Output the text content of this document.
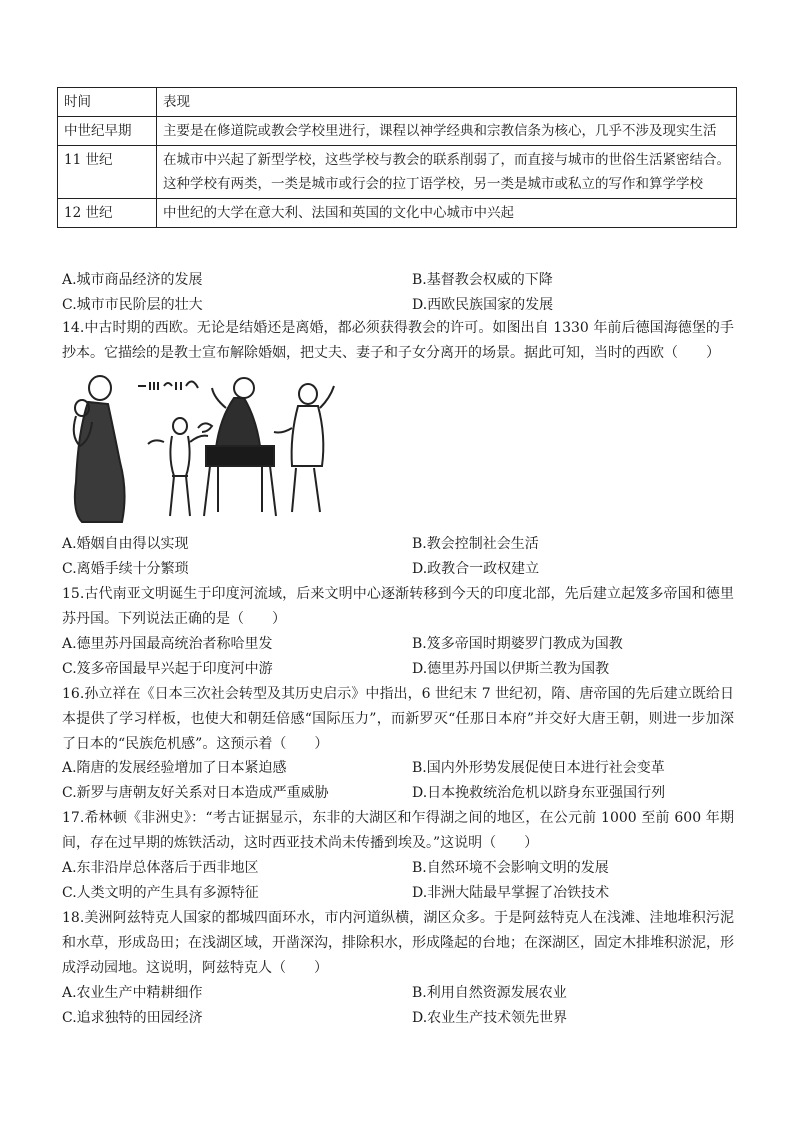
时间	表现
中世纪早期	主要是在修道院或教会学校里进行，课程以神学经典和宗教信条为核心，几乎不涉及现实生活
11 世纪	在城市中兴起了新型学校，这些学校与教会的联系削弱了，而直接与城市的世俗生活紧密结合。这种学校有两类，一类是城市或行会的拉丁语学校，另一类是城市或私立的写作和算学学校
12 世纪	中世纪的大学在意大利、法国和英国的文化中心城市中兴起
A.城市商品经济的发展	B.基督教会权威的下降
C.城市市民阶层的壮大	D.西欧民族国家的发展
14.中古时期的西欧。无论是结婚还是离婚，都必须获得教会的许可。如图出自 1330 年前后德国海德堡的手抄本。它描绘的是教士宣布解除婚姻，把丈夫、妻子和子女分离开的场景。据此可知，当时的西欧（　　）
A.婚姻自由得以实现	B.教会控制社会生活
C.离婚手续十分繁琐	D.政教合一政权建立
15.古代南亚文明诞生于印度河流域，后来文明中心逐渐转移到今天的印度北部，先后建立起笈多帝国和德里苏丹国。下列说法正确的是（　　）
A.德里苏丹国最高统治者称哈里发	B.笈多帝国时期婆罗门教成为国教
C.笈多帝国最早兴起于印度河中游	D.德里苏丹国以伊斯兰教为国教
16.孙立祥在《日本三次社会转型及其历史启示》中指出，6 世纪末 7 世纪初，隋、唐帝国的先后建立既给日本提供了学习样板，也使大和朝廷倍感“国际压力”，而新罗灭“任那日本府”并交好大唐王朝，则进一步加深了日本的“民族危机感”。这预示着（　　）
A.隋唐的发展经验增加了日本紧迫感	B.国内外形势发展促使日本进行社会变革
C.新罗与唐朝友好关系对日本造成严重威胁	D.日本挽救统治危机以跻身东亚强国行列
17.希林顿《非洲史》：“考古证据显示，东非的大湖区和乍得湖之间的地区，在公元前 1000 至前 600 年期间，存在过早期的炼铁活动，这时西亚技术尚未传播到埃及。”这说明（　　）
A.东非沿岸总体落后于西非地区	B.自然环境不会影响文明的发展
C.人类文明的产生具有多源特征	D.非洲大陆最早掌握了冶铁技术
18.美洲阿兹特克人国家的都城四面环水，市内河道纵横，湖区众多。于是阿兹特克人在浅滩、洼地堆积污泥和水草，形成岛田；在浅湖区域，开凿深沟，排除积水，形成隆起的台地；在深湖区，固定木排堆积淤泥，形成浮动园地。这说明，阿兹特克人（　　）
A.农业生产中精耕细作	B.利用自然资源发展农业
C.追求独特的田园经济	D.农业生产技术领先世界
